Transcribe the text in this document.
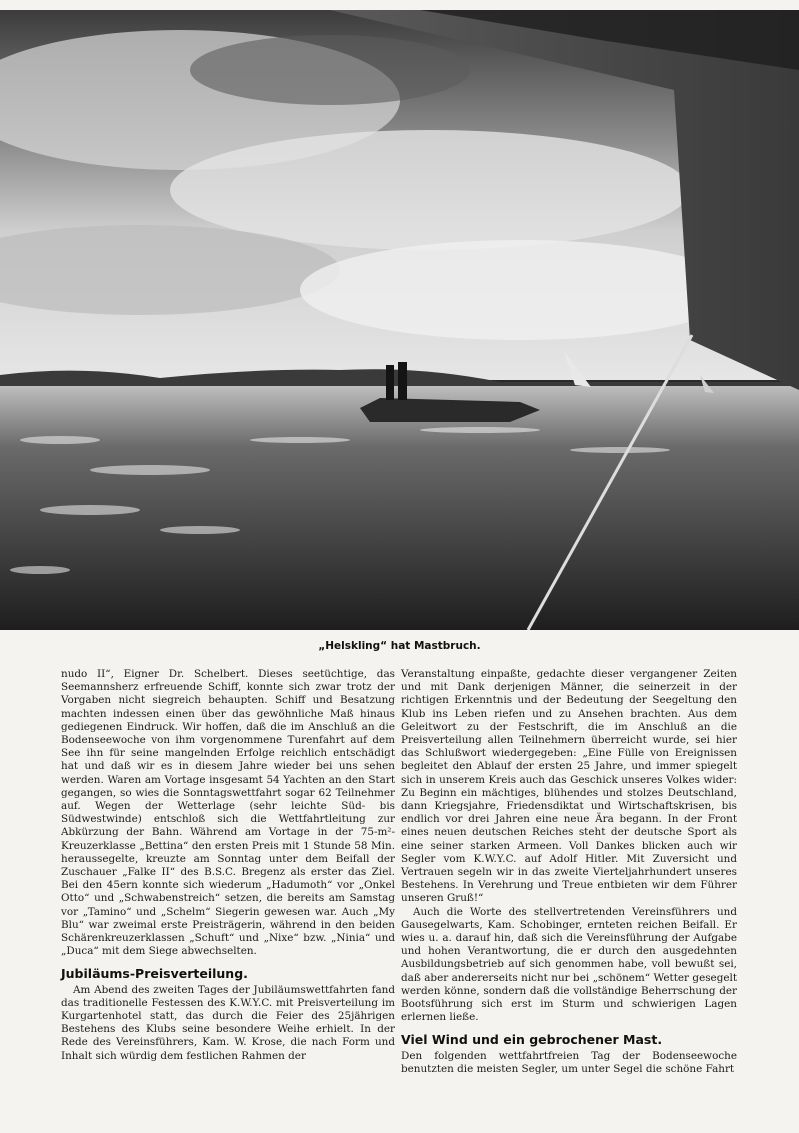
„Helskling“ hat Mastbruch.

nudo II“, Eigner Dr. Schelbert. Dieses seetüchtige, das Seemannsherz erfreuende Schiff, konnte sich zwar trotz der Vorgaben nicht siegreich behaupten. Schiff und Besatzung machten indessen einen über das gewöhnliche Maß hinaus gediegenen Eindruck. Wir hoffen, daß die im Anschluß an die Bodenseewoche von ihm vorgenommene Turenfahrt auf dem See ihn für seine mangelnden Erfolge reichlich entschädigt hat und daß wir es in diesem Jahre wieder bei uns sehen werden. Waren am Vortage insgesamt 54 Yachten an den Start gegangen, so wies die Sonntagswettfahrt sogar 62 Teilnehmer auf. Wegen der Wetterlage (sehr leichte Süd- bis Südwestwinde) entschloß sich die Wettfahrtleitung zur Abkürzung der Bahn. Während am Vortage in der 75-m²-Kreuzerklasse „Bettina“ den ersten Preis mit 1 Stunde 58 Min. heraussegelte, kreuzte am Sonntag unter dem Beifall der Zuschauer „Falke II“ des B.S.C. Bregenz als erster das Ziel. Bei den 45ern konnte sich wiederum „Hadumoth“ vor „Onkel Otto“ und „Schwabenstreich“ setzen, die bereits am Samstag vor „Tamino“ und „Schelm“ Siegerin gewesen war. Auch „My Blu“ war zweimal erste Preisträgerin, während in den beiden Schärenkreuzerklassen „Schuft“ und „Nixe“ bzw. „Ninia“ und „Duca“ mit dem Siege abwechselten.

Jubiläums-Preisverteilung.

Am Abend des zweiten Tages der Jubiläumswettfahrten fand das traditionelle Festessen des K.W.Y.C. mit Preisverteilung im Kurgartenhotel statt, das durch die Feier des 25jährigen Bestehens des Klubs seine besondere Weihe erhielt. In der Rede des Vereinsführers, Kam. W. Krose, die nach Form und Inhalt sich würdig dem festlichen Rahmen der

Veranstaltung einpaßte, gedachte dieser vergangener Zeiten und mit Dank derjenigen Männer, die seinerzeit in der richtigen Erkenntnis und der Bedeutung der Seegeltung den Klub ins Leben riefen und zu Ansehen brachten. Aus dem Geleitwort zu der Festschrift, die im Anschluß an die Preisverteilung allen Teilnehmern überreicht wurde, sei hier das Schlußwort wiedergegeben: „Eine Fülle von Ereignissen begleitet den Ablauf der ersten 25 Jahre, und immer spiegelt sich in unserem Kreis auch das Geschick unseres Volkes wider: Zu Beginn ein mächtiges, blühendes und stolzes Deutschland, dann Kriegsjahre, Friedensdiktat und Wirtschaftskrisen, bis endlich vor drei Jahren eine neue Ära begann. In der Front eines neuen deutschen Reiches steht der deutsche Sport als eine seiner starken Armeen. Voll Dankes blicken auch wir Segler vom K.W.Y.C. auf Adolf Hitler. Mit Zuversicht und Vertrauen segeln wir in das zweite Vierteljahrhundert unseres Bestehens. In Verehrung und Treue entbieten wir dem Führer unseren Gruß!“

Auch die Worte des stellvertretenden Vereinsführers und Gausegelwarts, Kam. Schobinger, ernteten reichen Beifall. Er wies u. a. darauf hin, daß sich die Vereinsführung der Aufgabe und hohen Verantwortung, die er durch den ausgedehnten Ausbildungsbetrieb auf sich genommen habe, voll bewußt sei, daß aber andererseits nicht nur bei „schönem“ Wetter gesegelt werden könne, sondern daß die vollständige Beherrschung der Bootsführung sich erst im Sturm und schwierigen Lagen erlernen ließe.

Viel Wind und ein gebrochener Mast.

Den folgenden wettfahrtfreien Tag der Bodenseewoche benutzten die meisten Segler, um unter Segel die schöne Fahrt
